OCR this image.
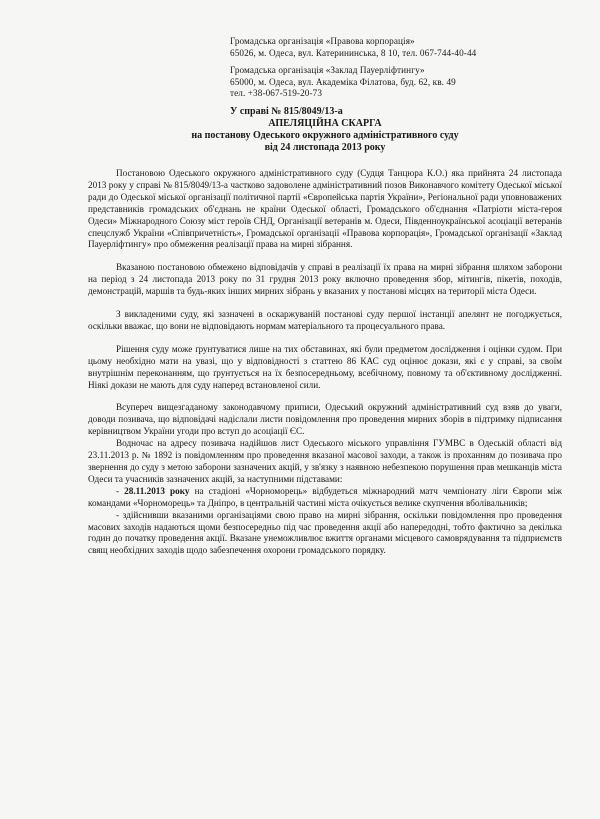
Громадська організація «Правова корпорація»

65026, м. Одеса, вул. Катерининська, 8 10, тел. 067-744-40-44

Громадська організація «Заклад Пауерліфтингу»

65000, м. Одеса, вул. Академіка Філатова, буд. 62, кв. 49

тел. +38-067-519-20-73

У справі № 815/8049/13-а

АПЕЛЯЦІЙНА СКАРГА

на постанову Одеського окружного адміністративного суду

від 24 листопада 2013 року

Постановою Одеського окружного адміністративного суду (Судця Танцюра К.О.) яка прийнята 24 листопада 2013 року у справі № 815/8049/13-а частково задоволене адміністративний позов Виконавчого комітету Одеської міської ради до Одеської міської організації політичної партії «Європейська партія України», Регіональної ради уповноважених представників громадських об'єднань не країни Одеської області, Громадського об'єднання «Патріоти міста-героя Одеси» Міжнародного Союзу міст героїв СНД, Організації ветеранів м. Одеси, Південноукраїнської асоціації ветеранів спецслужб України «Співпричетність», Громадської організації «Правова корпорація», Громадської організації «Заклад Пауерліфтингу» про обмеження реалізації права на мирні зібрання.

Вказаною постановою обмежено відповідачів у справі в реалізації їх права на мирні зібрання шляхом заборони на період з 24 листопада 2013 року по 31 грудня 2013 року включно проведення збор, мітингів, пікетів, походів, демонстрацій, маршів та будь-яких інших мирних зібрань у вказаних у постанові місцях на території міста Одеси.

З викладеними суду, які зазначені в оскаржуваній постанові суду першої інстанції апелянт не погоджується, оскільки вважає, що вони не відповідають нормам матеріального та процесуального права.

Рішення суду може ґрунтуватися лише на тих обставинах, які були предметом дослідження і оцінки судом. При цьому необхідно мати на увазі, що у відповідності з статтею 86 КАС суд оцінює докази, які є у справі, за своїм внутрішнім переконанням, що ґрунтується на їх безпосередньому, всебічному, повному та об'єктивному дослідженні. Ніякі докази не мають для суду наперед встановленої сили.

Всупереч вищезгаданому законодавчому приписи, Одеський окружний адміністративний суд взяв до уваги, доводи позивача, що відповідачі надіслали листи повідомлення про проведення мирних зборів в підтримку підписання керівництвом України угоди про вступ до асоціації ЄС.

Водночас на адресу позивача надійшов лист Одеського міського управління ГУМВС в Одеській області від 23.11.2013 р. № 1892 із повідомленням про проведення вказаної масової заходи, а також із проханням до позивача про звернення до суду з метою заборони зазначених акцій, у зв'язку з наявною небезпекою порушення прав мешканців міста Одеси та учасників зазначених акцій, за наступними підставами:

- 28.11.2013 року на стадіоні «Чорноморець» відбудеться міжнародний матч чемпіонату ліги Європи між командами «Чорноморець» та Дніпро, в центральній частині міста очікується велике скупчення вболівальників;

- здійснивши вказаними організаціями свою право на мирні зібрання, оскільки повідомлення про проведення масових заходів надаються щоми безпосередньо під час проведення акції або напередодні, тобто фактично за декілька годин до початку проведення акції. Вказане унеможливлює вжиття органами місцевого самоврядування та підприємств свящ необхідних заходів щодо забезпечення охорони громадського порядку.
